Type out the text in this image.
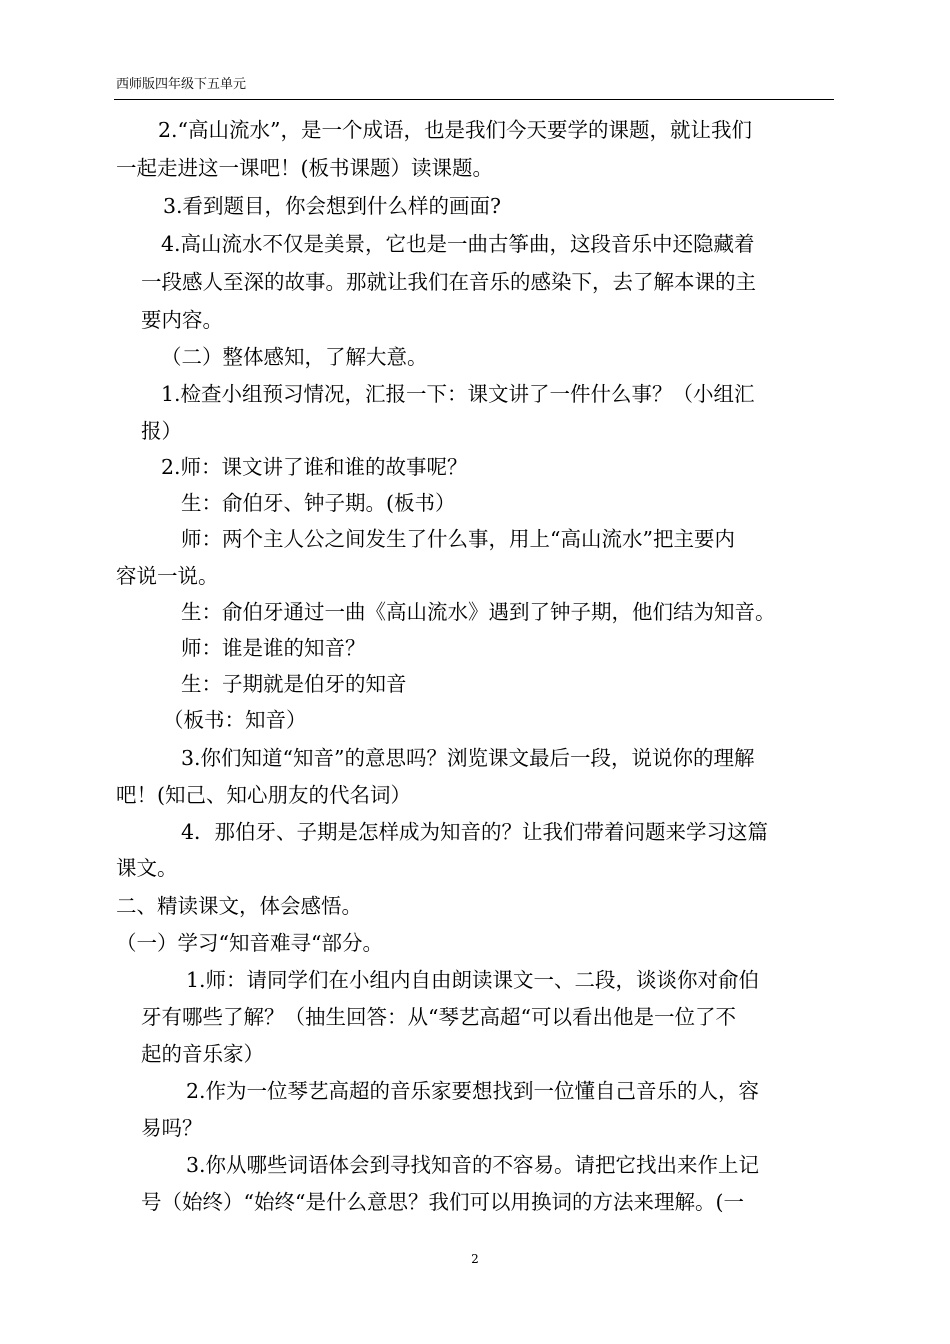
西师版四年级下五单元
2.“高山流水”，是一个成语，也是我们今天要学的课题，就让我们
一起走进这一课吧！(板书课题）读课题。
3.看到题目，你会想到什么样的画面?
4.高山流水不仅是美景，它也是一曲古筝曲，这段音乐中还隐藏着
一段感人至深的故事。那就让我们在音乐的感染下，去了解本课的主
要内容。
（二）整体感知，了解大意。
1.检查小组预习情况，汇报一下：课文讲了一件什么事？（小组汇
报）
2.师：课文讲了谁和谁的故事呢？
生：俞伯牙、钟子期。(板书）
师：两个主人公之间发生了什么事，用上“高山流水”把主要内
容说一说。
生：俞伯牙通过一曲《高山流水》遇到了钟子期，他们结为知音。
师：谁是谁的知音？
生：子期就是伯牙的知音
（板书：知音）
3.你们知道“知音”的意思吗？浏览课文最后一段，说说你的理解
吧！(知己、知心朋友的代名词）
4．那伯牙、子期是怎样成为知音的？让我们带着问题来学习这篇
课文。
二、精读课文，体会感悟。
（一）学习“知音难寻“部分。
1.师：请同学们在小组内自由朗读课文一、二段，谈谈你对俞伯
牙有哪些了解？（抽生回答：从“琴艺高超“可以看出他是一位了不
起的音乐家）
2.作为一位琴艺高超的音乐家要想找到一位懂自己音乐的人，容
易吗？
3.你从哪些词语体会到寻找知音的不容易。请把它找出来作上记
号（始终）“始终“是什么意思？我们可以用换词的方法来理解。(一
2
